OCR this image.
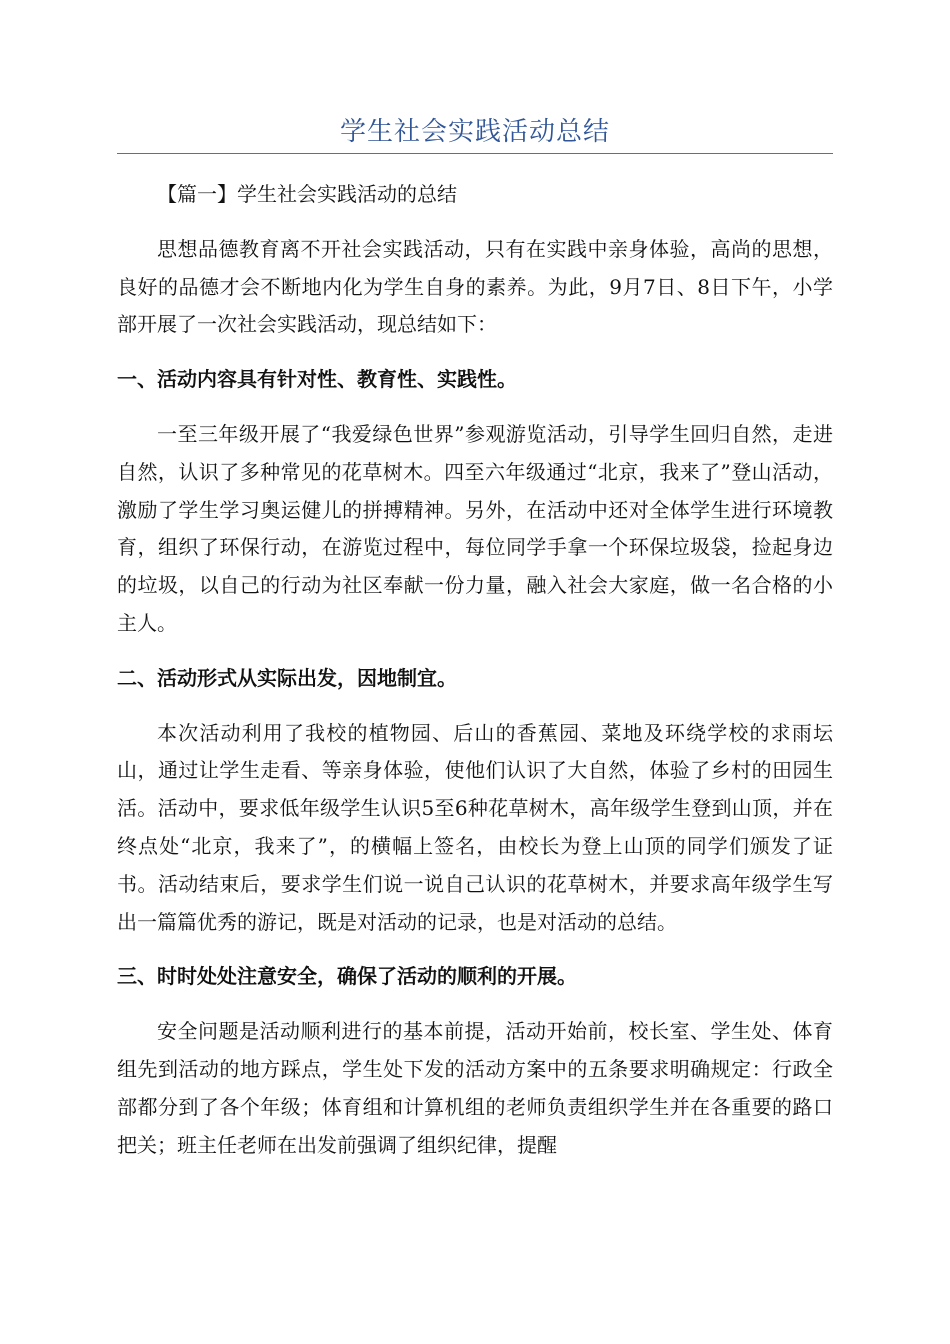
学生社会实践活动总结

【篇一】学生社会实践活动的总结

思想品德教育离不开社会实践活动，只有在实践中亲身体验，高尚的思想，良好的品德才会不断地内化为学生自身的素养。为此，9月7日、8日下午，小学部开展了一次社会实践活动，现总结如下：

一、活动内容具有针对性、教育性、实践性。

一至三年级开展了“我爱绿色世界”参观游览活动，引导学生回归自然，走进自然，认识了多种常见的花草树木。四至六年级通过“北京，我来了”登山活动，激励了学生学习奥运健儿的拼搏精神。另外，在活动中还对全体学生进行环境教育，组织了环保行动，在游览过程中，每位同学手拿一个环保垃圾袋，捡起身边的垃圾，以自己的行动为社区奉献一份力量，融入社会大家庭，做一名合格的小主人。

二、活动形式从实际出发，因地制宜。

本次活动利用了我校的植物园、后山的香蕉园、菜地及环绕学校的求雨坛山，通过让学生走看、等亲身体验，使他们认识了大自然，体验了乡村的田园生活。活动中，要求低年级学生认识5至6种花草树木，高年级学生登到山顶，并在终点处“北京，我来了”，的横幅上签名，由校长为登上山顶的同学们颁发了证书。活动结束后，要求学生们说一说自己认识的花草树木，并要求高年级学生写出一篇篇优秀的游记，既是对活动的记录，也是对活动的总结。

三、时时处处注意安全，确保了活动的顺利的开展。

安全问题是活动顺利进行的基本前提，活动开始前，校长室、学生处、体育组先到活动的地方踩点，学生处下发的活动方案中的五条要求明确规定：行政全部都分到了各个年级；体育组和计算机组的老师负责组织学生并在各重要的路口把关；班主任老师在出发前强调了组织纪律，提醒
